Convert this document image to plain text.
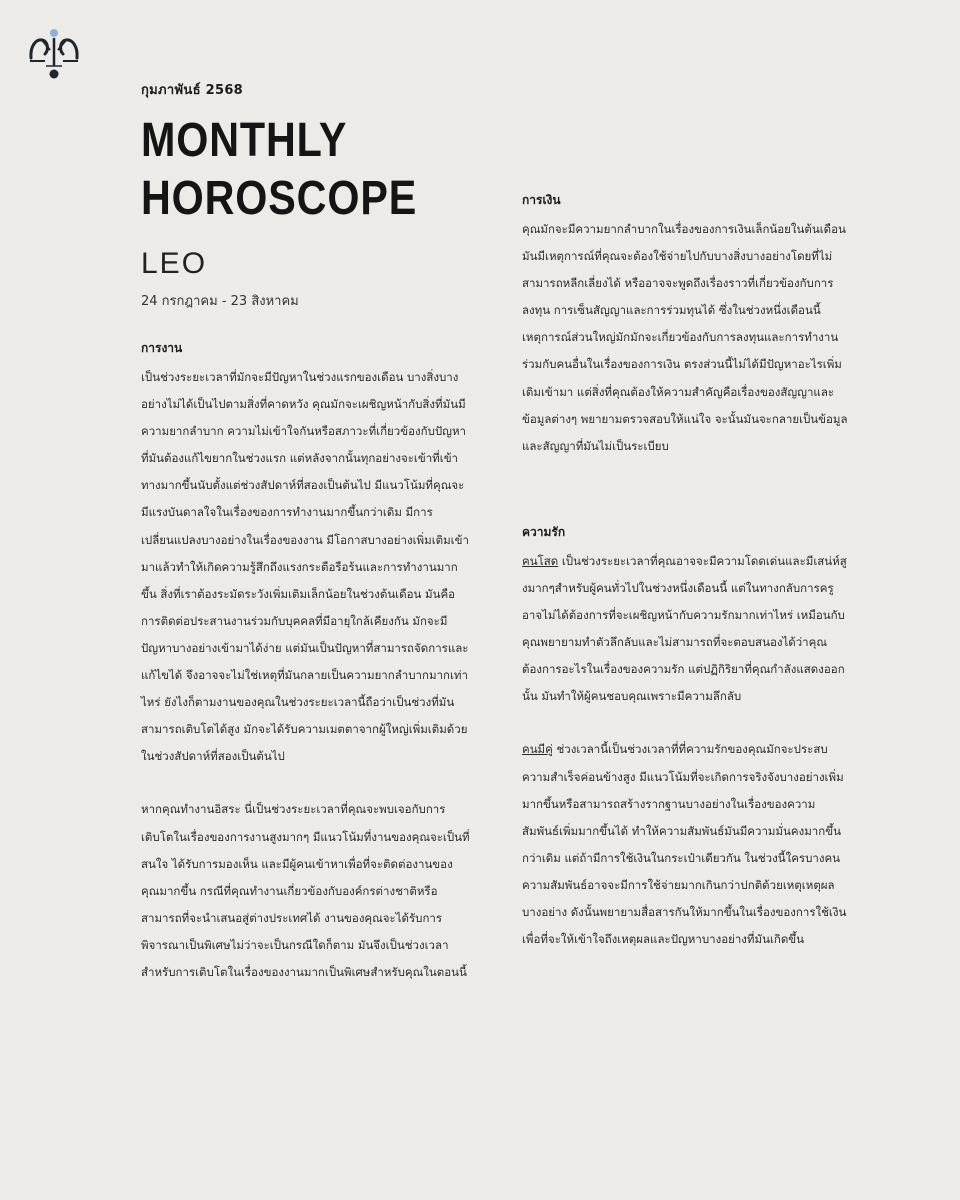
กุมภาพันธ์ 2568

MONTHLY
HOROSCOPE

LEO

24 กรกฎาคม - 23 สิงหาคม

การงาน

เป็นช่วงระยะเวลาที่มักจะมีปัญหาในช่วงแรกของเดือน บางสิ่งบางอย่างไม่ได้เป็นไปตามสิ่งที่คาดหวัง คุณมักจะเผชิญหน้ากับสิ่งที่มันมีความยากลำบาก ความไม่เข้าใจกันหรือสภาวะที่เกี่ยวข้องกับปัญหาที่มันต้องแก้ไขยากในช่วงแรก แต่หลังจากนั้นทุกอย่างจะเข้าที่เข้าทางมากขึ้นนับตั้งแต่ช่วงสัปดาห์ที่สองเป็นต้นไป มีแนวโน้มที่คุณจะมีแรงบันดาลใจในเรื่องของการทำงานมากขึ้นกว่าเดิม มีการเปลี่ยนแปลงบางอย่างในเรื่องของงาน มีโอกาสบางอย่างเพิ่มเติมเข้ามาแล้วทำให้เกิดความรู้สึกถึงแรงกระตือรือร้นและการทำงานมากขึ้น สิ่งที่เราต้องระมัดระวังเพิ่มเติมเล็กน้อยในช่วงต้นเดือน มันคือการติดต่อประสานงานร่วมกับบุคคลที่มีอายุใกล้เคียงกัน มักจะมีปัญหาบางอย่างเข้ามาได้ง่าย แต่มันเป็นปัญหาที่สามารถจัดการและแก้ไขได้ จึงอาจจะไม่ใช่เหตุที่มันกลายเป็นความยากลำบากมากเท่าไหร่ ยังไงก็ตามงานของคุณในช่วงระยะเวลานี้ถือว่าเป็นช่วงที่มันสามารถเติบโตได้สูง มักจะได้รับความเมตตาจากผู้ใหญ่เพิ่มเติมด้วยในช่วงสัปดาห์ที่สองเป็นต้นไป

หากคุณทำงานอิสระ นี่เป็นช่วงระยะเวลาที่คุณจะพบเจอกับการเติบโตในเรื่องของการงานสูงมากๆ มีแนวโน้มที่งานของคุณจะเป็นที่สนใจ ได้รับการมองเห็น และมีผู้คนเข้าหาเพื่อที่จะติดต่องานของคุณมากขึ้น กรณีที่คุณทำงานเกี่ยวข้องกับองค์กรต่างชาติหรือสามารถที่จะนำเสนอสู่ต่างประเทศได้ งานของคุณจะได้รับการพิจารณาเป็นพิเศษไม่ว่าจะเป็นกรณีใดก็ตาม มันจึงเป็นช่วงเวลาสำหรับการเติบโตในเรื่องของงานมากเป็นพิเศษสำหรับคุณในตอนนี้

การเงิน

คุณมักจะมีความยากลำบากในเรื่องของการเงินเล็กน้อยในต้นเดือน มันมีเหตุการณ์ที่คุณจะต้องใช้จ่ายไปกับบางสิ่งบางอย่างโดยที่ไม่สามารถหลีกเลี่ยงได้ หรืออาจจะพูดถึงเรื่องราวที่เกี่ยวข้องกับการลงทุน การเซ็นสัญญาและการร่วมทุนได้ ซึ่งในช่วงหนึ่งเดือนนี้เหตุการณ์ส่วนใหญ่มักมักจะเกี่ยวข้องกับการลงทุนและการทำงานร่วมกับคนอื่นในเรื่องของการเงิน ตรงส่วนนี้ไม่ได้มีปัญหาอะไรเพิ่มเติมเข้ามา แต่สิ่งที่คุณต้องให้ความสำคัญคือเรื่องของสัญญาและข้อมูลต่างๆ พยายามตรวจสอบให้แน่ใจ จะนั้นมันจะกลายเป็นข้อมูลและสัญญาที่มันไม่เป็นระเบียบ

ความรัก

คนโสด เป็นช่วงระยะเวลาที่คุณอาจจะมีความโดดเด่นและมีเสน่ห์สูงมากๆสำหรับผู้คนทั่วไปในช่วงหนึ่งเดือนนี้ แต่ในทางกลับการครูอาจไม่ได้ต้องการที่จะเผชิญหน้ากับความรักมากเท่าไหร่ เหมือนกับคุณพยายามทำตัวลึกลับและไม่สามารถที่จะตอบสนองได้ว่าคุณต้องการอะไรในเรื่องของความรัก แต่ปฏิกิริยาที่คุณกำลังแสดงออกนั้น มันทำให้ผู้คนชอบคุณเพราะมีความลึกลับ

คนมีคู่ ช่วงเวลานี้เป็นช่วงเวลาที่ที่ความรักของคุณมักจะประสบความสำเร็จค่อนข้างสูง มีแนวโน้มที่จะเกิดการจริงจังบางอย่างเพิ่มมากขึ้นหรือสามารถสร้างรากฐานบางอย่างในเรื่องของความสัมพันธ์เพิ่มมากขึ้นได้ ทำให้ความสัมพันธ์มันมีความมั่นคงมากขึ้นกว่าเดิม แต่ถ้ามีการใช้เงินในกระเป๋าเดียวกัน ในช่วงนี้ใครบางคนความสัมพันธ์อาจจะมีการใช้จ่ายมากเกินกว่าปกติด้วยเหตุเหตุผลบางอย่าง ดังนั้นพยายามสื่อสารกันให้มากขึ้นในเรื่องของการใช้เงินเพื่อที่จะให้เข้าใจถึงเหตุผลและปัญหาบางอย่างที่มันเกิดขึ้น
